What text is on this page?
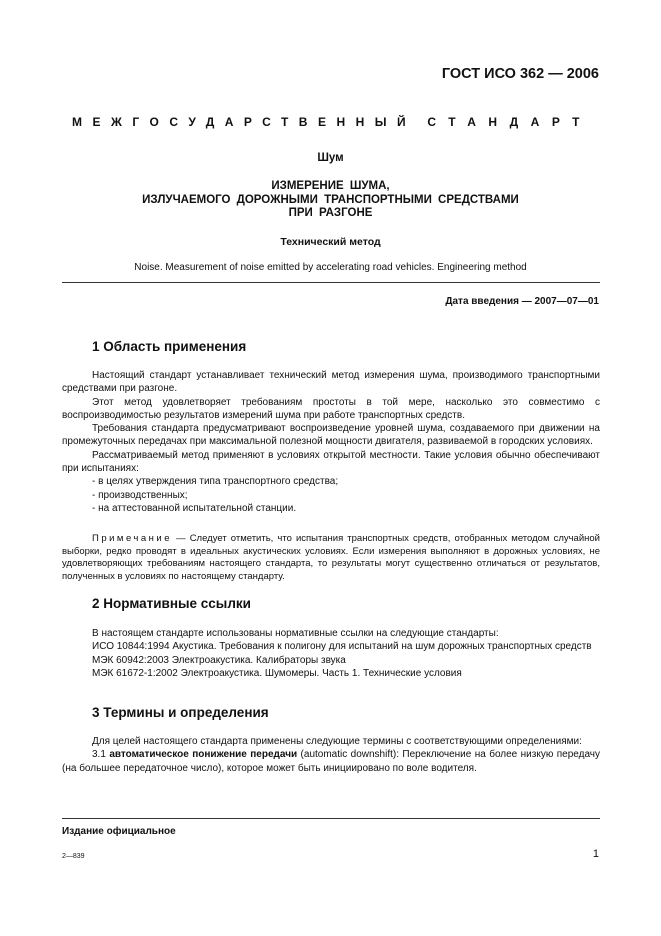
ГОСТ ИСО 362 — 2006
МЕЖГОСУДАРСТВЕННЫЙ СТАНДАРТ
Шум
ИЗМЕРЕНИЕ ШУМА,
ИЗЛУЧАЕМОГО ДОРОЖНЫМИ ТРАНСПОРТНЫМИ СРЕДСТВАМИ
ПРИ РАЗГОНЕ
Технический метод
Noise. Measurement of noise emitted by accelerating road vehicles. Engineering method
Дата введения — 2007—07—01
1 Область применения

Настоящий стандарт устанавливает технический метод измерения шума, производимого транспортными средствами при разгоне.

Этот метод удовлетворяет требованиям простоты в той мере, насколько это совместимо с воспроизводимостью результатов измерений шума при работе транспортных средств.

Требования стандарта предусматривают воспроизведение уровней шума, создаваемого при движении на промежуточных передачах при максимальной полезной мощности двигателя, развиваемой в городских условиях.

Рассматриваемый метод применяют в условиях открытой местности. Такие условия обычно обеспечивают при испытаниях:

- в целях утверждения типа транспортного средства;

- производственных;

- на аттестованной испытательной станции.

Примечание — Следует отметить, что испытания транспортных средств, отобранных методом случайной выборки, редко проводят в идеальных акустических условиях. Если измерения выполняют в дорожных условиях, не удовлетворяющих требованиям настоящего стандарта, то результаты могут существенно отличаться от результатов, полученных в условиях по настоящему стандарту.

2 Нормативные ссылки

В настоящем стандарте использованы нормативные ссылки на следующие стандарты:

ИСО 10844:1994 Акустика. Требования к полигону для испытаний на шум дорожных транспортных средств

МЭК 60942:2003 Электроакустика. Калибраторы звука

МЭК 61672-1:2002 Электроакустика. Шумомеры. Часть 1. Технические условия

3 Термины и определения

Для целей настоящего стандарта применены следующие термины с соответствующими определениями:

3.1 автоматическое понижение передачи (automatic downshift): Переключение на более низкую передачу (на большее передаточное число), которое может быть инициировано по воле водителя.

Издание официальное
2—839	1
